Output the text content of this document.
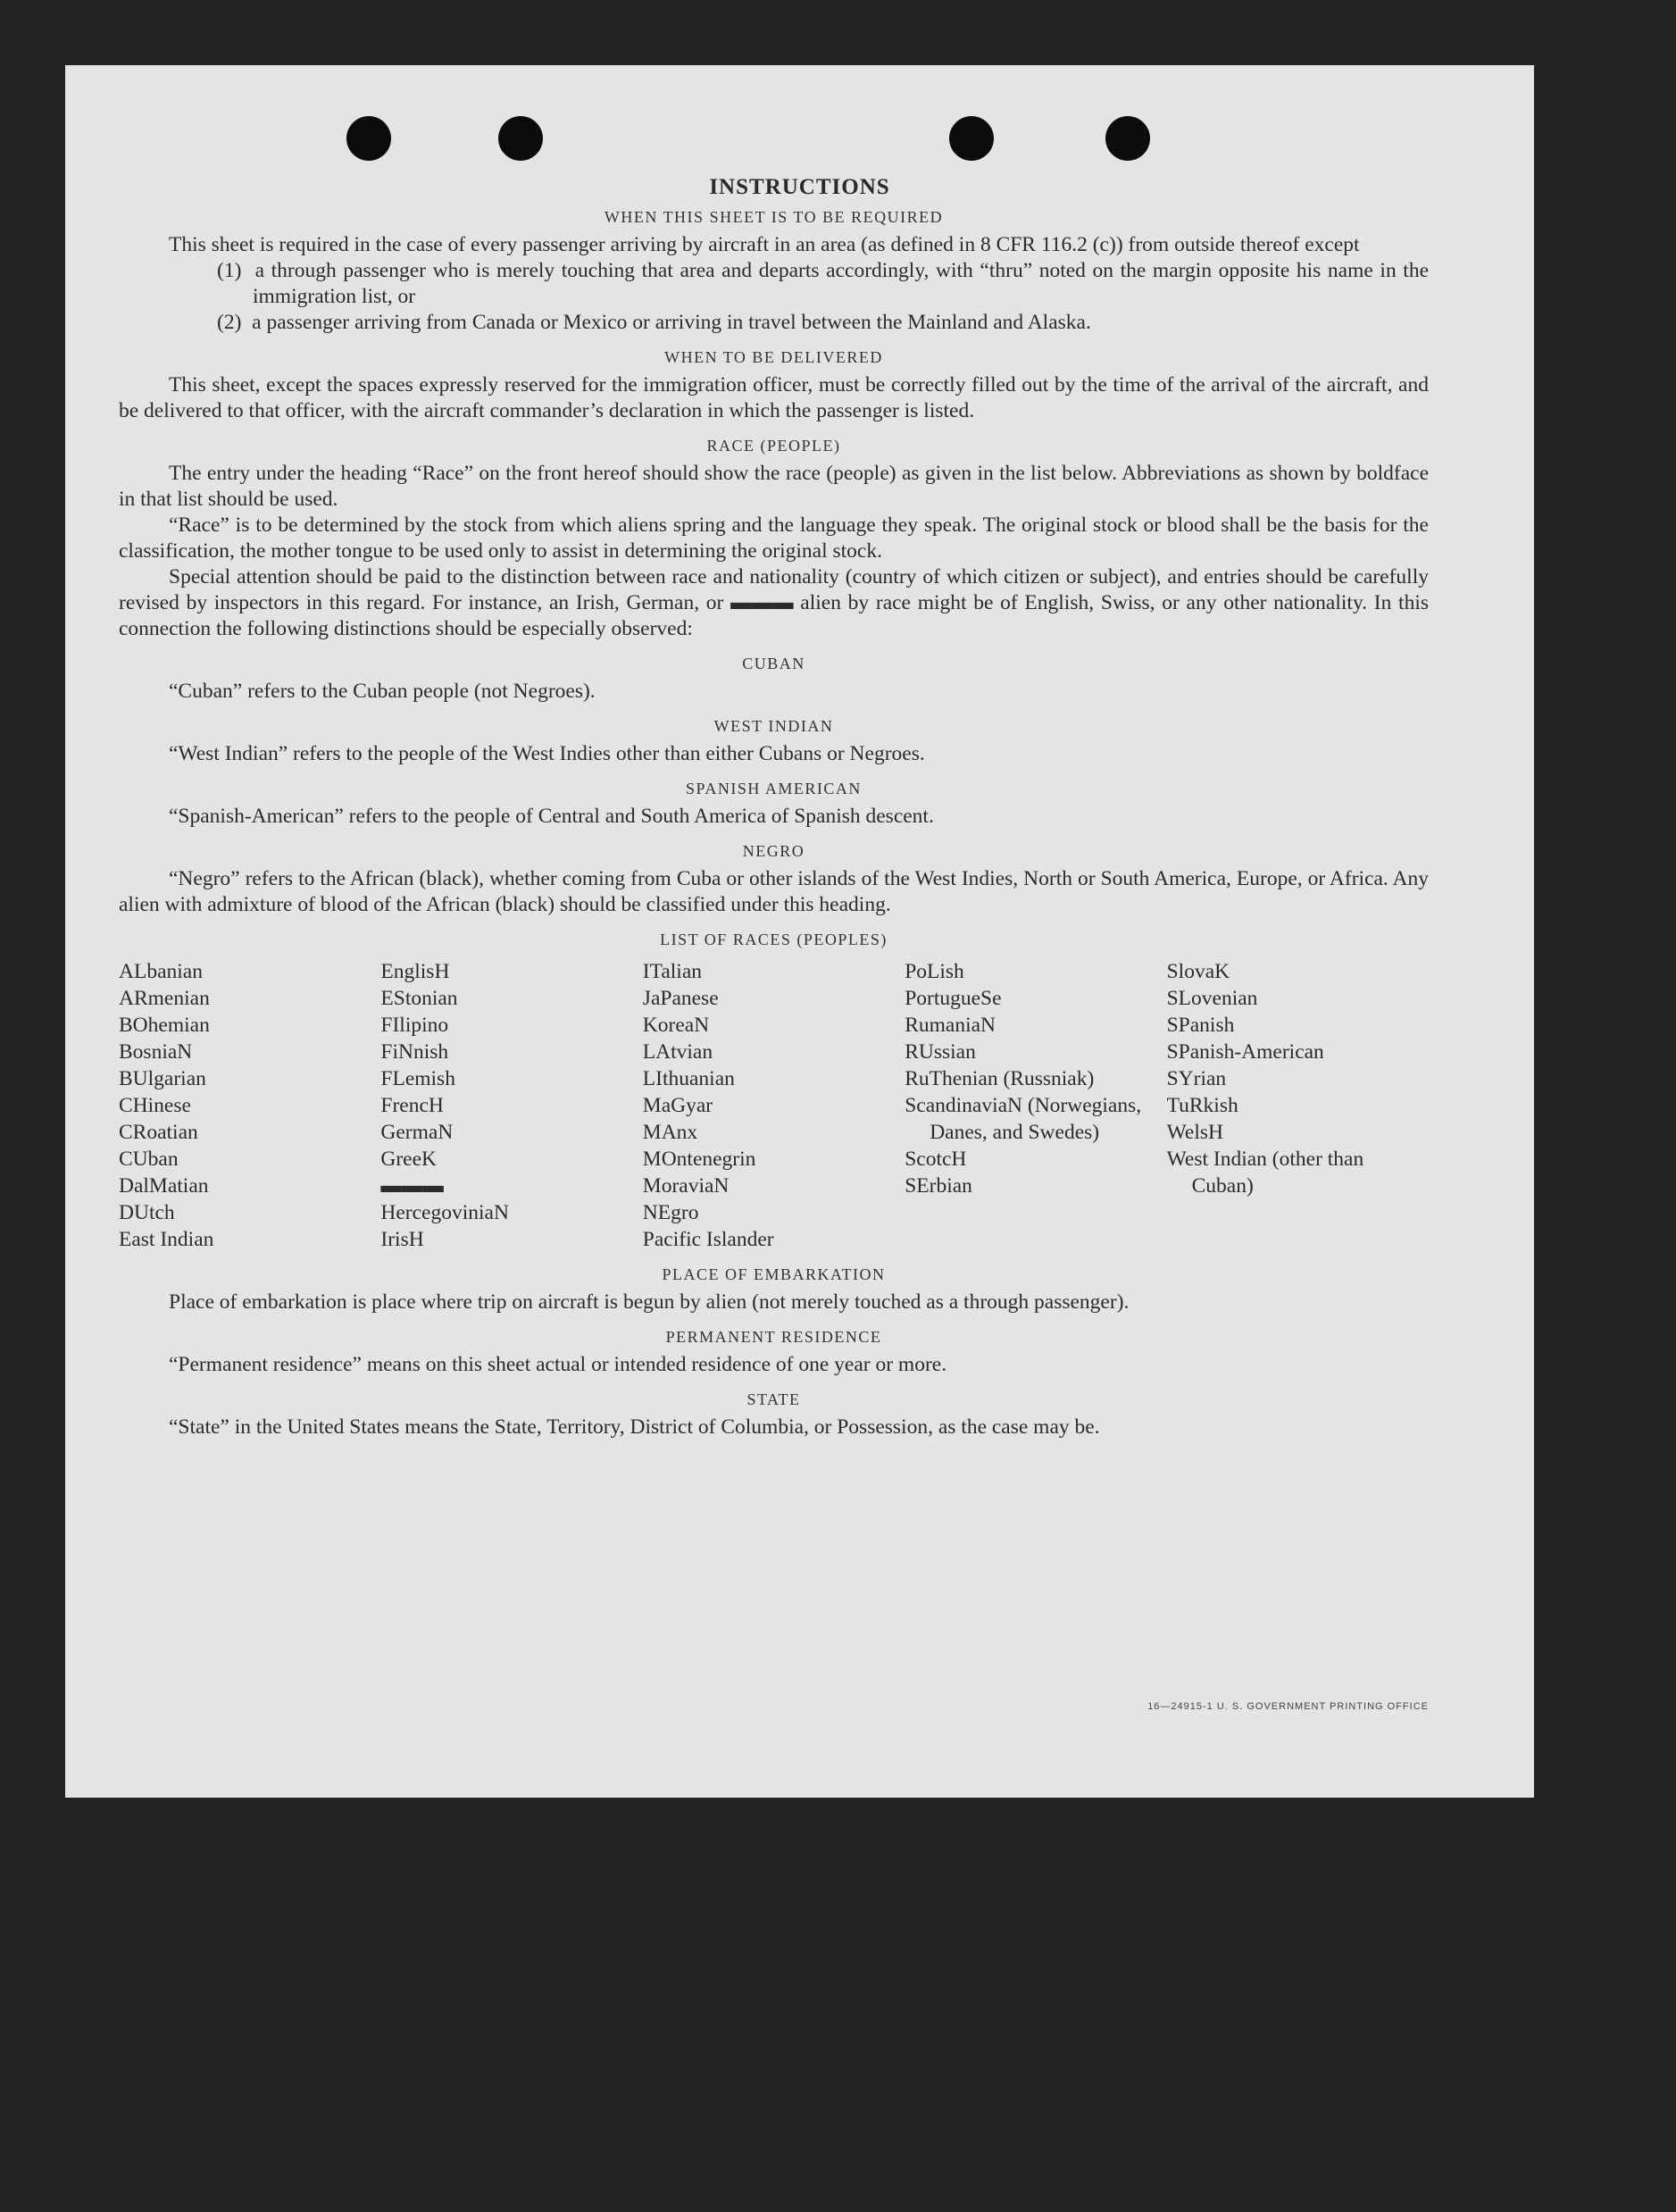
INSTRUCTIONS
WHEN THIS SHEET IS TO BE REQUIRED

This sheet is required in the case of every passenger arriving by aircraft in an area (as defined in 8 CFR 116.2 (c)) from outside thereof except

(1) a through passenger who is merely touching that area and departs accordingly, with “thru” noted on the margin opposite his name in the immigration list, or

(2) a passenger arriving from Canada or Mexico or arriving in travel between the Mainland and Alaska.

WHEN TO BE DELIVERED

This sheet, except the spaces expressly reserved for the immigration officer, must be correctly filled out by the time of the arrival of the aircraft, and be delivered to that officer, with the aircraft commander’s declaration in which the passenger is listed.

RACE (PEOPLE)

The entry under the heading “Race” on the front hereof should show the race (people) as given in the list below. Abbreviations as shown by boldface in that list should be used.

“Race” is to be determined by the stock from which aliens spring and the language they speak. The original stock or blood shall be the basis for the classification, the mother tongue to be used only to assist in determining the original stock.

Special attention should be paid to the distinction between race and nationality (country of which citizen or subject), and entries should be carefully revised by inspectors in this regard. For instance, an Irish, German, or ▬▬▬ alien by race might be of English, Swiss, or any other nationality. In this connection the following distinctions should be especially observed:

CUBAN

“Cuban” refers to the Cuban people (not Negroes).

WEST INDIAN

“West Indian” refers to the people of the West Indies other than either Cubans or Negroes.

SPANISH AMERICAN

“Spanish-American” refers to the people of Central and South America of Spanish descent.

NEGRO

“Negro” refers to the African (black), whether coming from Cuba or other islands of the West Indies, North or South America, Europe, or Africa. Any alien with admixture of blood of the African (black) should be classified under this heading.

LIST OF RACES (PEOPLES)
ALbanian
ARmenian
BOhemian
BosniaN
BUlgarian
CHinese
CRoatian
CUban
DalMatian
DUtch
East Indian
EnglisH
EStonian
FIlipino
FiNnish
FLemish
FrencH
GermaN
GreeK
▬▬▬
HercegoviniaN
IrisH
ITalian
JaPanese
KoreaN
LAtvian
LIthuanian
MaGyar
MAnx
MOntenegrin
MoraviaN
NEgro
Pacific Islander
PoLish
PortugueSe
RumaniaN
RUssian
RuThenian (Russniak)
ScandinaviaN (Norwegians, Danes, and Swedes)
ScotcH
SErbian
SlovaK
SLovenian
SPanish
SPanish-American
SYrian
TuRkish
WelsH
West Indian (other than Cuban)
PLACE OF EMBARKATION

Place of embarkation is place where trip on aircraft is begun by alien (not merely touched as a through passenger).

PERMANENT RESIDENCE

“Permanent residence” means on this sheet actual or intended residence of one year or more.

STATE

“State” in the United States means the State, Territory, District of Columbia, or Possession, as the case may be.

16—24915-1 U. S. GOVERNMENT PRINTING OFFICE
